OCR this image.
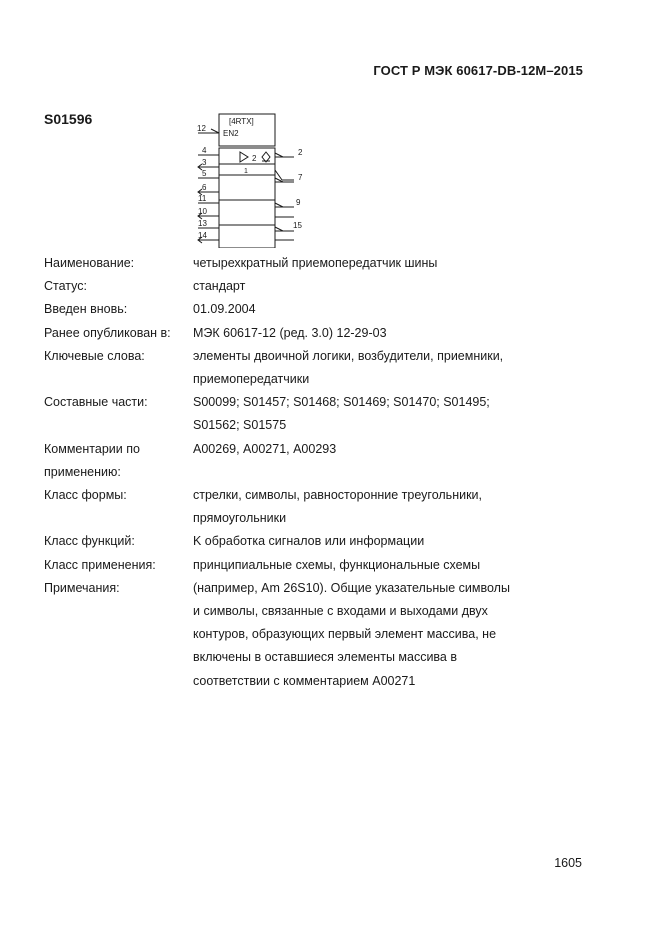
ГОСТ Р МЭК 60617-DB-12М–2015
S01596	[4RTX]
EN2
1
2
12
4
3
5
6
11
10
13
14
2
7
9
15
Наименование:	четырехкратный приемопередатчик шины
Статус:	стандарт
Введен вновь:	01.09.2004
Ранее опубликован в:	МЭК 60617-12 (ред. 3.0) 12-29-03
Ключевые слова:	элементы двоичной логики, возбудители, приемники,
приемопередатчики
Составные части:	S00099; S01457; S01468; S01469; S01470; S01495;
S01562; S01575
Комментарии по
применению:
А00269, А00271, А00293
Класс формы:	стрелки, символы, равносторонние треугольники,
прямоугольники
Класс функций:	K обработка сигналов или информации
Класс применения:	принципиальные схемы, функциональные схемы
Примечания:	(например, Am 26S10). Общие указательные символы
и символы, связанные с входами и выходами двух
контуров, образующих первый элемент массива, не
включены в оставшиеся элементы массива в
соответствии с комментарием А00271
1605
